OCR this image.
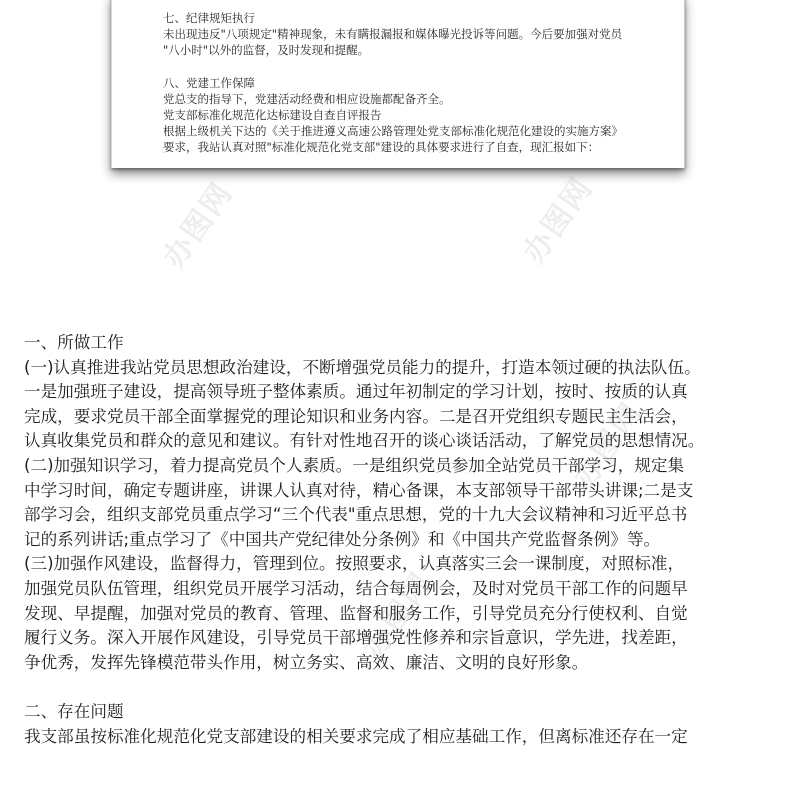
办图网	办图网
办图网
办图网
七、纪律规矩执行
未出现违反"八项规定"精神现象，未有瞒报漏报和媒体曝光投诉等问题。今后要加强对党员
"八小时"以外的监督，及时发现和提醒。
八、党建工作保障
党总支的指导下，党建活动经费和相应设施都配备齐全。
党支部标准化规范化达标建设自查自评报告
根据上级机关下达的《关于推进遵义高速公路管理处党支部标准化规范化建设的实施方案》
要求，我站认真对照"标准化规范化党支部"建设的具体要求进行了自查，现汇报如下：
一、所做工作
(一)认真推进我站党员思想政治建设，不断增强党员能力的提升，打造本领过硬的执法队伍。
一是加强班子建设，提高领导班子整体素质。通过年初制定的学习计划，按时、按质的认真
完成，要求党员干部全面掌握党的理论知识和业务内容。二是召开党组织专题民主生活会，
认真收集党员和群众的意见和建议。有针对性地召开的谈心谈话活动，了解党员的思想情况。
(二)加强知识学习，着力提高党员个人素质。一是组织党员参加全站党员干部学习，规定集
中学习时间，确定专题讲座，讲课人认真对待，精心备课，本支部领导干部带头讲课;二是支
部学习会，组织支部党员重点学习“三个代表"重点思想，党的十九大会议精神和习近平总书
记的系列讲话;重点学习了《中国共产党纪律处分条例》和《中国共产党监督条例》等。
(三)加强作风建设，监督得力，管理到位。按照要求，认真落实三会一课制度，对照标准，
加强党员队伍管理，组织党员开展学习活动，结合每周例会，及时对党员干部工作的问题早
发现、早提醒，加强对党员的教育、管理、监督和服务工作，引导党员充分行使权利、自觉
履行义务。深入开展作风建设，引导党员干部增强党性修养和宗旨意识，学先进，找差距，
争优秀，发挥先锋模范带头作用，树立务实、高效、廉洁、文明的良好形象。
二、存在问题
我支部虽按标准化规范化党支部建设的相关要求完成了相应基础工作，但离标准还存在一定
